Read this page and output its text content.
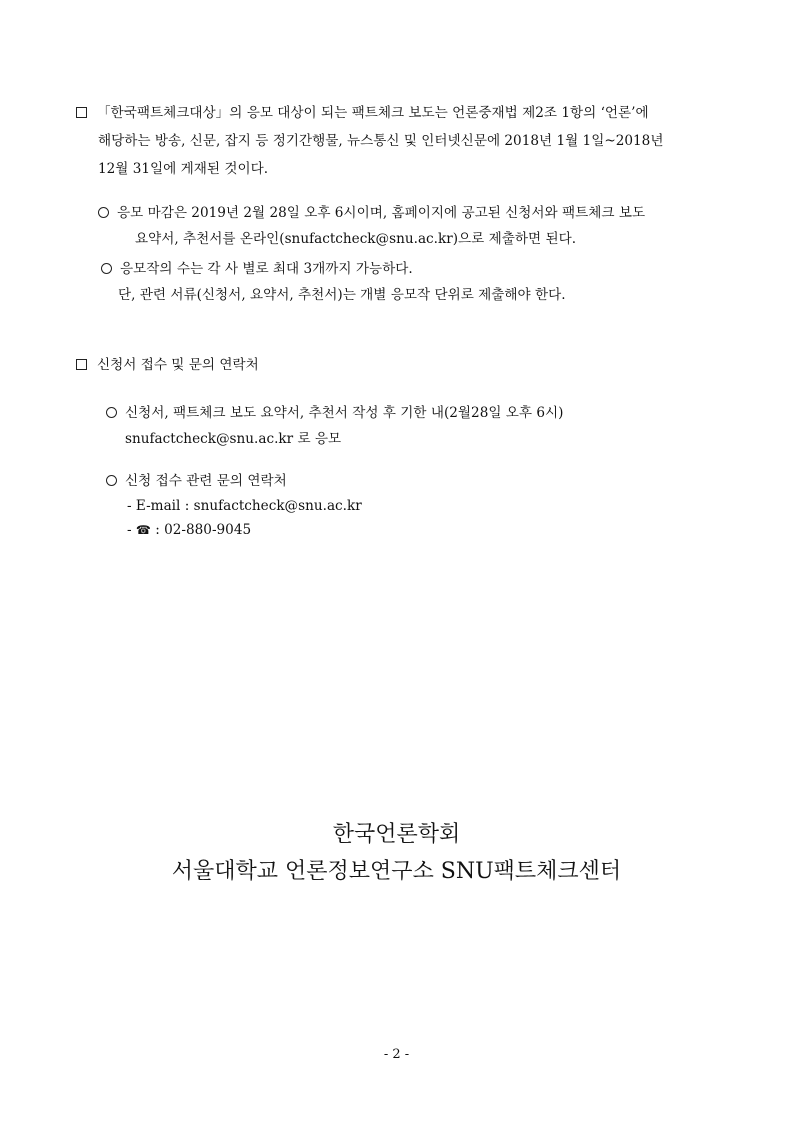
「한국팩트체크대상」의 응모 대상이 되는 팩트체크 보도는 언론중재법 제2조 1항의 ‘언론’에
해당하는 방송, 신문, 잡지 등 정기간행물, 뉴스통신 및 인터넷신문에 2018년 1월 1일~2018년
12월 31일에 게재된 것이다.
응모 마감은 2019년 2월 28일 오후 6시이며, 홈페이지에 공고된 신청서와 팩트체크 보도
요약서, 추천서를 온라인(snufactcheck@snu.ac.kr)으로 제출하면 된다.
응모작의 수는 각 사 별로 최대 3개까지 가능하다.
단, 관련 서류(신청서, 요약서, 추천서)는 개별 응모작 단위로 제출해야 한다.
신청서 접수 및 문의 연락처
신청서, 팩트체크 보도 요약서, 추천서 작성 후 기한 내(2월28일 오후 6시)
snufactcheck@snu.ac.kr 로 응모
신청 접수 관련 문의 연락처
- E-mail : snufactcheck@snu.ac.kr
- ☎ : 02-880-9045
한국언론학회
서울대학교 언론정보연구소 SNU팩트체크센터
- 2 -
